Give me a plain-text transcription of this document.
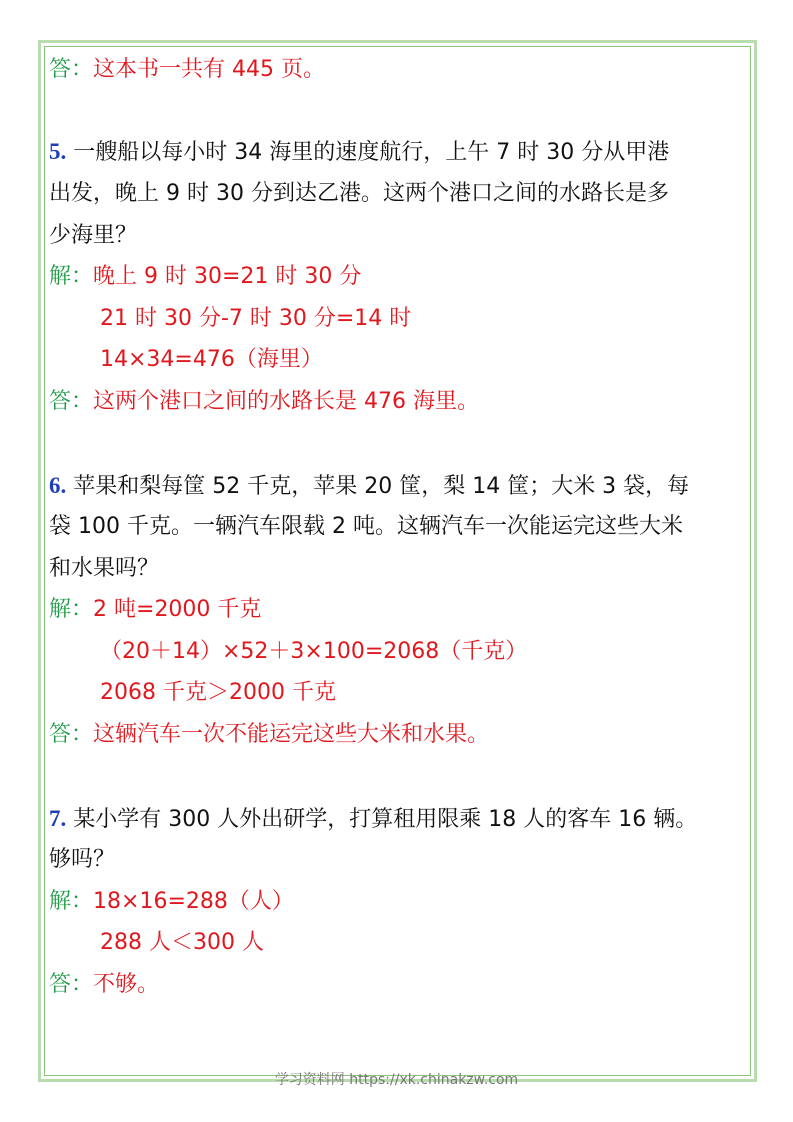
答：这本书一共有 445 页。
5. 一艘船以每小时 34 海里的速度航行，上午 7 时 30 分从甲港
出发，晚上 9 时 30 分到达乙港。这两个港口之间的水路长是多
少海里？
解：晚上 9 时 30=21 时 30 分
21 时 30 分-7 时 30 分=14 时
14×34=476（海里）
答：这两个港口之间的水路长是 476 海里。
6. 苹果和梨每筐 52 千克，苹果 20 筐，梨 14 筐；大米 3 袋，每
袋 100 千克。一辆汽车限载 2 吨。这辆汽车一次能运完这些大米
和水果吗？
解：2 吨=2000 千克
（20＋14）×52＋3×100=2068（千克）
2068 千克＞2000 千克
答：这辆汽车一次不能运完这些大米和水果。
7. 某小学有 300 人外出研学，打算租用限乘 18 人的客车 16 辆。
够吗？
解：18×16=288（人）
288 人＜300 人
答：不够。
学习资料网 https://xk.chinakzw.com
